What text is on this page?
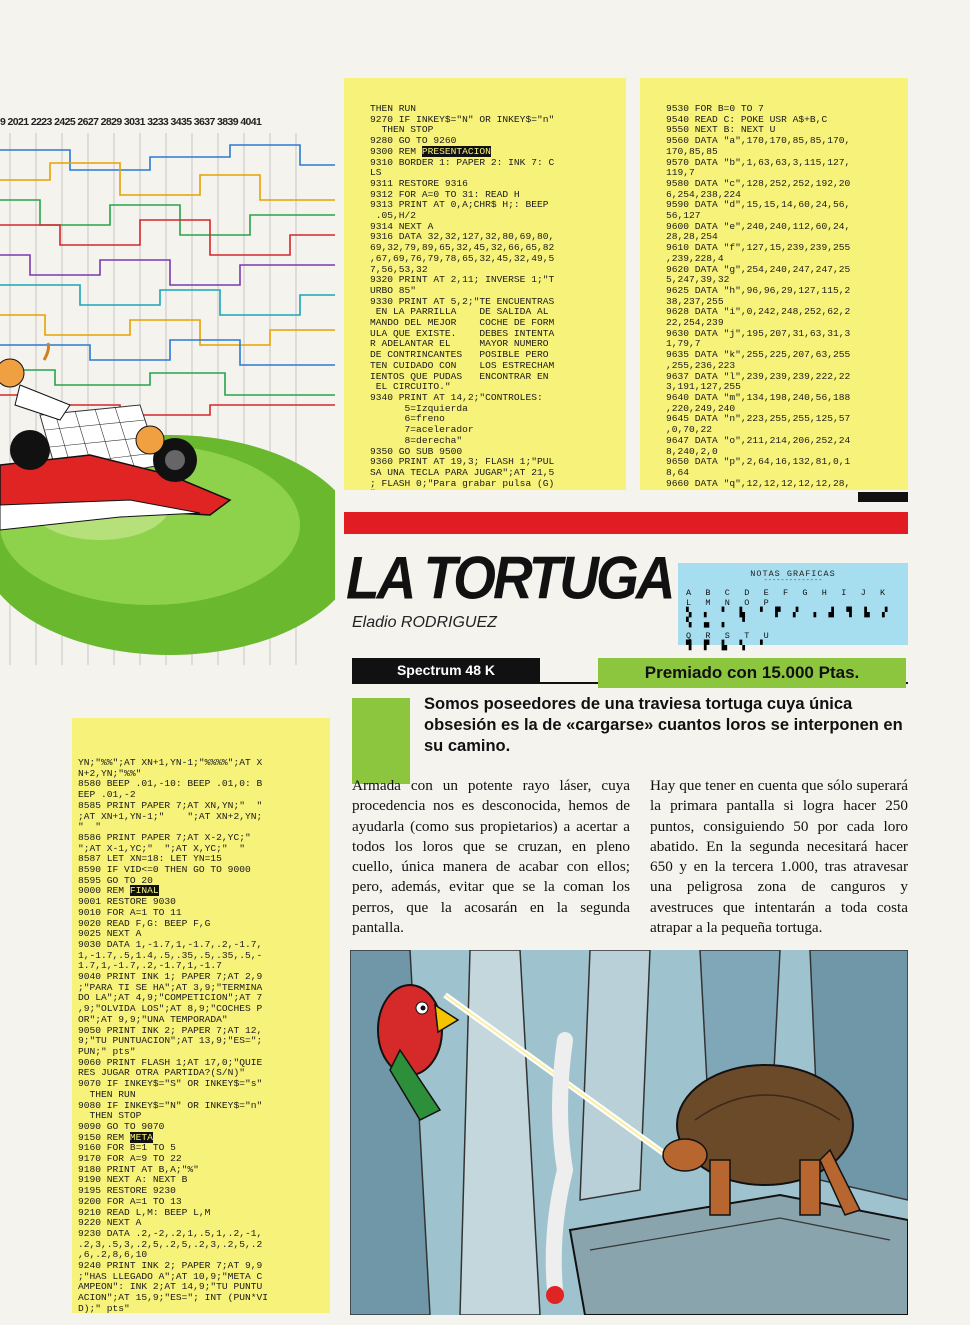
9 2021 2223 2425 2627 2829 3031 3233 3435 3637 3839 4041
THEN RUN
9270 IF INKEY$="N" OR INKEY$="n"
THEN STOP
9280 GO TO 9260
9300 REM PRESENTACION
9310 BORDER 1: PAPER 2: INK 7: C
LS
9311 RESTORE 9316
9312 FOR A=0 TO 31: READ H
9313 PRINT AT 0,A;CHR$ H;: BEEP
.05,H/2
9314 NEXT A
9316 DATA 32,32,127,32,80,69,80,
69,32,79,89,65,32,45,32,66,65,82
,67,69,76,79,78,65,32,45,32,49,5
7,56,53,32
9320 PRINT AT 2,11; INVERSE 1;"T
URBO 85"
9330 PRINT AT 5,2;"TE ENCUENTRAS
EN LA PARRILLA    DE SALIDA AL
MANDO DEL MEJOR    COCHE DE FORM
ULA QUE EXISTE.    DEBES INTENTA
R ADELANTAR EL     MAYOR NUMERO
DE CONTRINCANTES   POSIBLE PERO
TEN CUIDADO CON    LOS ESTRECHAM
IENTOS QUE PUDAS   ENCONTRAR EN
EL CIRCUITO."
9340 PRINT AT 14,2;"CONTROLES:
5=Izquierda
6=freno
7=acelerador
8=derecha"
9350 GO SUB 9500
9360 PRINT AT 19,3; FLASH 1;"PUL
SA UNA TECLA PARA JUGAR";AT 21,5
; FLASH 0;"Para grabar pulsa (G)
9530 FOR B=0 TO 7
9540 READ C: POKE USR A$+B,C
9550 NEXT B: NEXT U
9560 DATA "a",170,170,85,85,170,
170,85,85
9570 DATA "b",1,63,63,3,115,127,
119,7
9580 DATA "c",128,252,252,192,20
6,254,238,224
9590 DATA "d",15,15,14,60,24,56,
56,127
9600 DATA "e",240,240,112,60,24,
28,28,254
9610 DATA "f",127,15,239,239,255
,239,228,4
9620 DATA "g",254,240,247,247,25
5,247,39,32
9625 DATA "h",96,96,29,127,115,2
38,237,255
9628 DATA "i",0,242,248,252,62,2
22,254,239
9630 DATA "j",195,207,31,63,31,3
1,79,7
9635 DATA "k",255,225,207,63,255
,255,236,223
9637 DATA "l",239,239,239,222,22
3,191,127,255
9640 DATA "m",134,198,240,56,188
,220,249,240
9645 DATA "n",223,255,255,125,57
,0,70,22
9647 DATA "o",211,214,206,252,24
8,240,2,0
9650 DATA "p",2,64,16,132,81,0,1
8,64
9660 DATA "q",12,12,12,12,12,28,
YN;"%%";AT XN+1,YN-1;"%%%%";AT X
N+2,YN;"%%"
8580 BEEP .01,-10: BEEP .01,0: B
EEP .01,-2
8585 PRINT PAPER 7;AT XN,YN;"  "
;AT XN+1,YN-1;"    ";AT XN+2,YN;
"  "
8586 PRINT PAPER 7;AT X-2,YC;"
";AT X-1,YC;"  ";AT X,YC;"  "
8587 LET XN=18: LET YN=15
8590 IF VID<=0 THEN GO TO 9000
8595 GO TO 20
9000 REM FINAL
9001 RESTORE 9030
9010 FOR A=1 TO 11
9020 READ F,G: BEEP F,G
9025 NEXT A
9030 DATA 1,-1.7,1,-1.7,.2,-1.7,
1,-1.7,.5,1.4,.5,.35,.5,.35,.5,-
1.7,1,-1.7,.2,-1.7,1,-1.7
9040 PRINT INK 1; PAPER 7;AT 2,9
;"PARA TI SE HA";AT 3,9;"TERMINA
DO LA";AT 4,9;"COMPETICION";AT 7
,9;"OLVIDA LOS";AT 8,9;"COCHES P
OR";AT 9,9;"UNA TEMPORADA"
9050 PRINT INK 2; PAPER 7;AT 12,
9;"TU PUNTUACION";AT 13,9;"ES=";
PUN;" pts"
9060 PRINT FLASH 1;AT 17,0;"QUIE
RES JUGAR OTRA PARTIDA?(S/N)"
9070 IF INKEY$="S" OR INKEY$="s"
THEN RUN
9080 IF INKEY$="N" OR INKEY$="n"
THEN STOP
9090 GO TO 9070
9150 REM META
9160 FOR B=1 TO 5
9170 FOR A=9 TO 22
9180 PRINT AT B,A;"%"
9190 NEXT A: NEXT B
9195 RESTORE 9230
9200 FOR A=1 TO 13
9210 READ L,M: BEEP L,M
9220 NEXT A
9230 DATA .2,-2,.2,1,.5,1,.2,-1,
.2,3,.5,3,.2,5,.2,5,.2,3,.2,5,.2
,6,.2,8,6,10
9240 PRINT INK 2; PAPER 7;AT 9,9
;"HAS LLEGADO A";AT 10,9;"META C
AMPEON": INK 2;AT 14,9;"TU PUNTU
ACION";AT 15,9;"ES="; INT (PUN*VI
D);" pts"
LA TORTUGA
Eladio RODRIGUEZ
NOTAS GRAFICAS
--------------
A B C D E F G H I J K L M N O P
▚ ▖ ▘ ▙ ▝ ▛ ▞ ▗ ▟ ▜ ▙ ▞ ▚ ▄ ▖ ▝
Q R S T U
▜ ▛ ▙ ▚ ▝
Spectrum 48 K	Premiado con 15.000 Ptas.
Somos poseedores de una traviesa tortuga cuya única obsesión es la de «cargarse» cuantos loros se interponen en su camino.
Armada con un potente rayo láser, cuya procedencia nos es desconocida, hemos de ayudarla (como sus propietarios) a acertar a todos los loros que se cruzan, en pleno cuello, única manera de acabar con ellos; pero, además, evitar que se la coman los perros, que la acosarán en la segunda pantalla.
Hay que tener en cuenta que sólo superará la primara pantalla si logra hacer 250 puntos, consiguiendo 50 por cada loro abatido. En la segunda necesitará hacer 650 y en la tercera 1.000, tras atravesar una peligrosa zona de canguros y avestruces que intentarán a toda costa atrapar a la pequeña tortuga.
